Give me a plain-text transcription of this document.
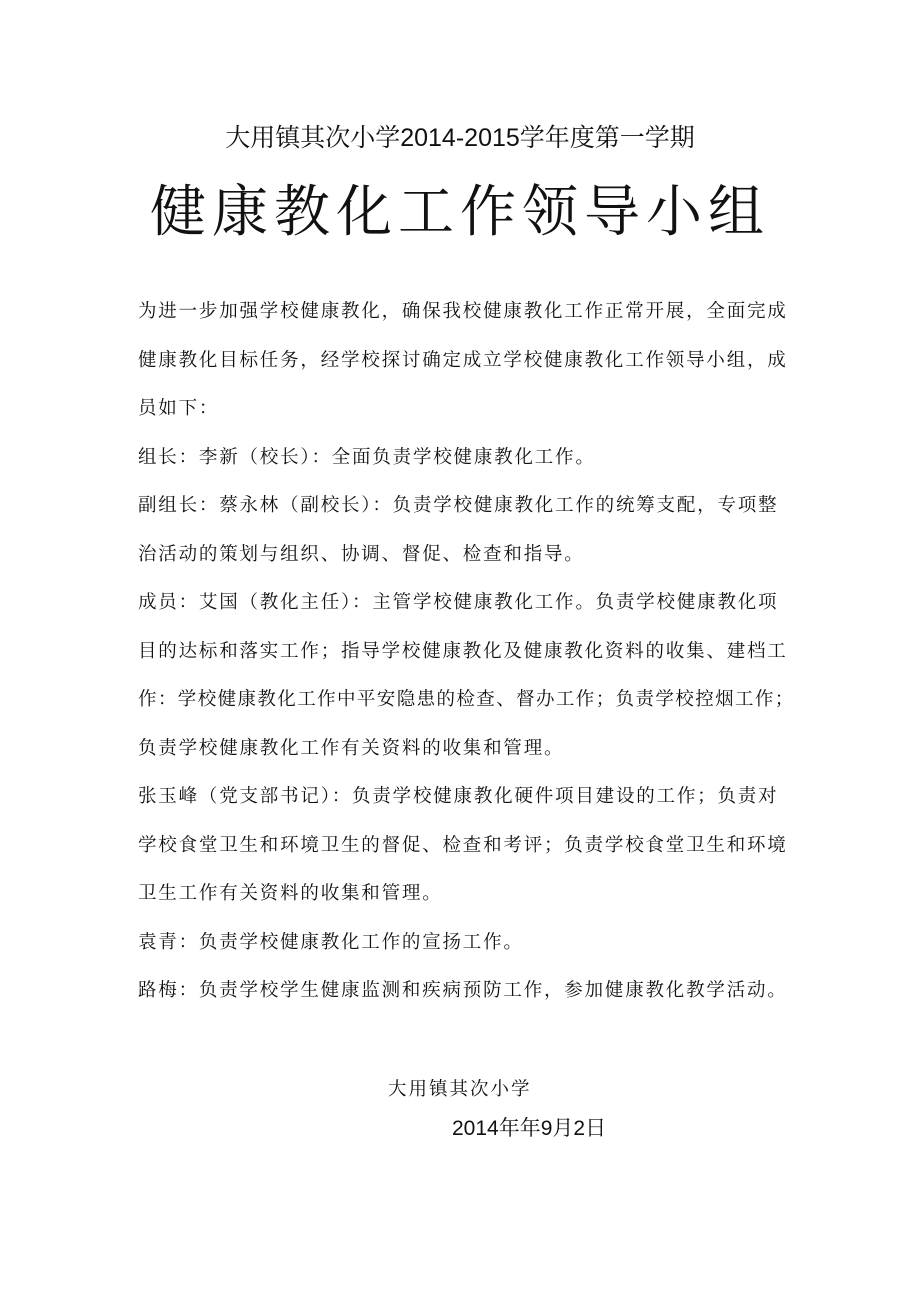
大用镇其次小学2014-2015学年度第一学期
健康教化工作领导小组
为进一步加强学校健康教化，确保我校健康教化工作正常开展，全面完成
健康教化目标任务，经学校探讨确定成立学校健康教化工作领导小组，成
员如下：
组长：李新（校长）：全面负责学校健康教化工作。
副组长：蔡永林（副校长）：负责学校健康教化工作的统筹支配，专项整
治活动的策划与组织、协调、督促、检查和指导。
成员：艾国（教化主任）：主管学校健康教化工作。负责学校健康教化项
目的达标和落实工作；指导学校健康教化及健康教化资料的收集、建档工
作：学校健康教化工作中平安隐患的检查、督办工作；负责学校控烟工作；
负责学校健康教化工作有关资料的收集和管理。
张玉峰（党支部书记）：负责学校健康教化硬件项目建设的工作；负责对
学校食堂卫生和环境卫生的督促、检查和考评；负责学校食堂卫生和环境
卫生工作有关资料的收集和管理。
袁青：负责学校健康教化工作的宣扬工作。
路梅：负责学校学生健康监测和疾病预防工作，参加健康教化教学活动。
大用镇其次小学
2014年年9月2日
